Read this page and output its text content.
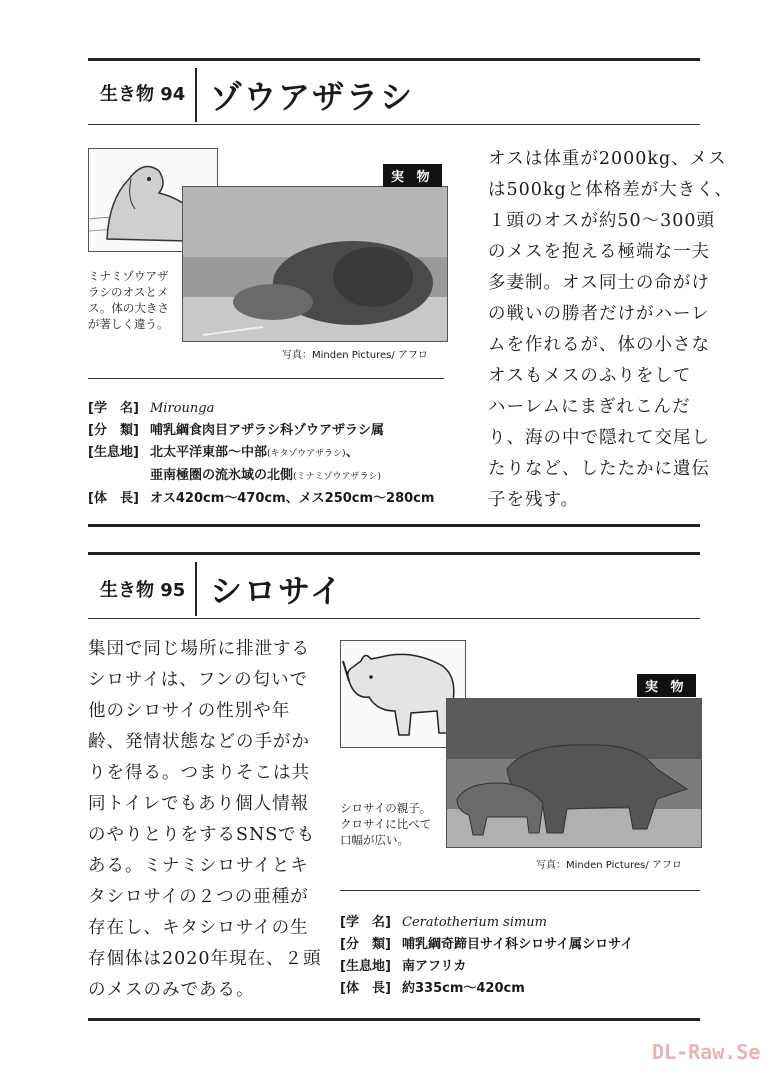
生き物 94 ゾウアザラシ
実 物
ミナミゾウアザ
ラシのオスとメ
ス。体の大きさ
が著しく違う。
写真：Minden Pictures/ アフロ
オスは体重が2000kg、メス
は500kgと体格差が大きく、
１頭のオスが約50〜300頭
のメスを抱える極端な一夫
多妻制。オス同士の命がけ
の戦いの勝者だけがハーレ
ムを作れるが、体の小さな
オスもメスのふりをして
ハーレムにまぎれこんだ
り、海の中で隠れて交尾し
たりなど、したたかに遺伝
子を残す。
[学　名] Mirounga
[分　類] 哺乳綱食肉目アザラシ科ゾウアザラシ属
[生息地] 北太平洋東部〜中部(キタゾウアザラシ)、
亜南極圏の流氷域の北側(ミナミゾウアザラシ)
[体　長] オス420cm〜470cm、メス250cm〜280cm
生き物 95 シロサイ
集団で同じ場所に排泄する
シロサイは、フンの匂いで
他のシロサイの性別や年
齢、発情状態などの手がか
りを得る。つまりそこは共
同トイレでもあり個人情報
のやりとりをするSNSでも
ある。ミナミシロサイとキ
タシロサイの２つの亜種が
存在し、キタシロサイの生
存個体は2020年現在、２頭
のメスのみである。
実 物
シロサイの親子。
クロサイに比べて
口幅が広い。
写真：Minden Pictures/ アフロ
[学　名] Ceratotherium simum
[分　類] 哺乳綱奇蹄目サイ科シロサイ属シロサイ
[生息地] 南アフリカ
[体　長] 約335cm〜420cm
DL-Raw.Se
